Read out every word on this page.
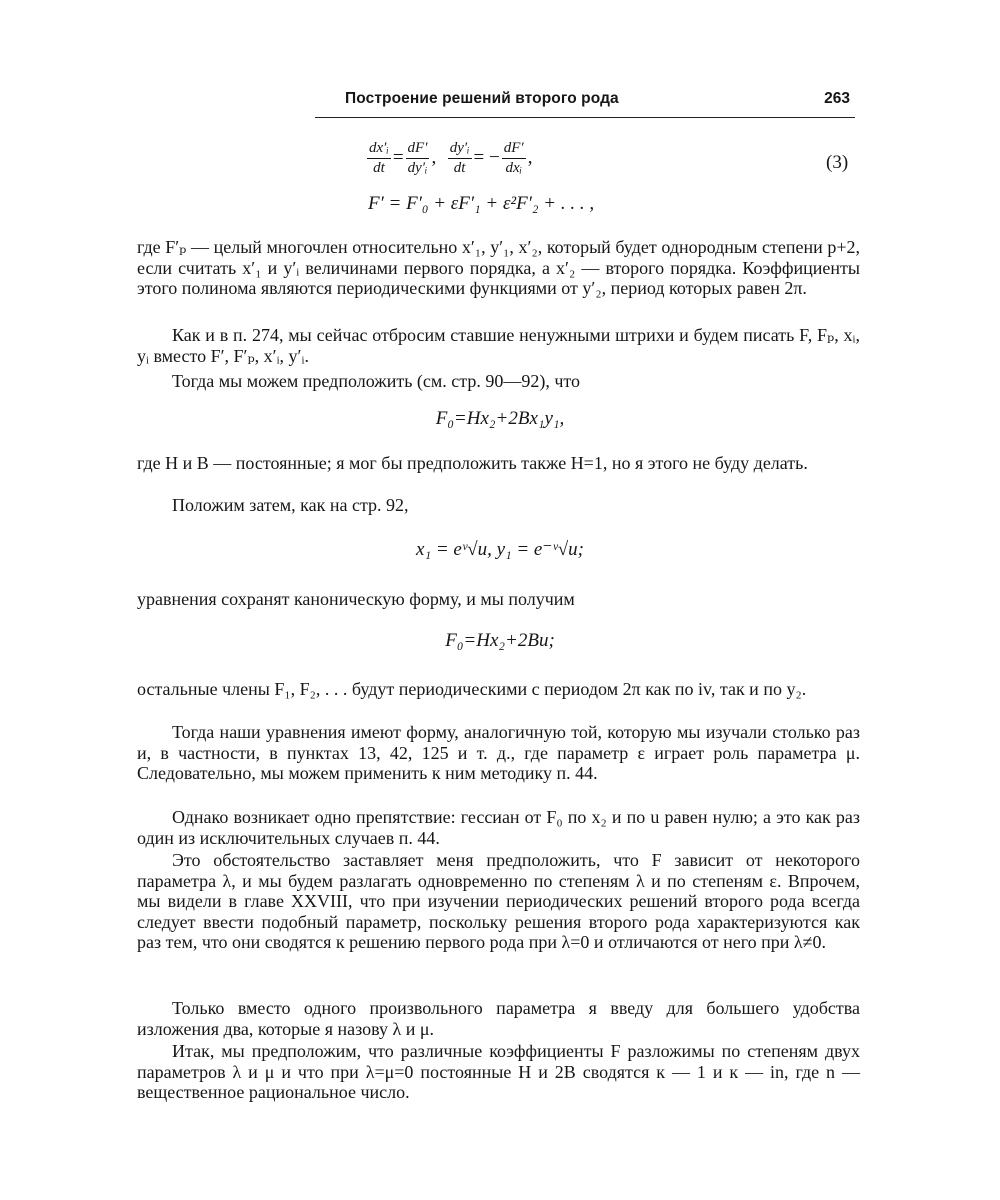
Построение решений второго рода	263
$\frac{\text{dx′ᵢ}}{dt} = \frac{dF'}{\text{dy′ᵢ}}$ , $\frac{\text{dy′ᵢ}}{dt}$ = − $\frac{dF'}{\text{dxᵢ}}$ ,	(3)
F′ = F′₀ + εF′₁ + ε²F′₂ + . . . ,

где F′ₚ — целый многочлен относительно x′₁, y′₁, x′₂, который будет однородным степени p+2, если считать x′₁ и y′ᵢ величинами первого порядка, а x′₂ — второго порядка. Коэффициенты этого полинома являются периодическими функциями от y′₂, период которых равен 2π.

Как и в п. 274, мы сейчас отбросим ставшие ненужными штрихи и будем писать F, Fₚ, xᵢ, yᵢ вместо F′, F′ₚ, x′ᵢ, y′ᵢ.

Тогда мы можем предположить (см. стр. 90—92), что

F₀=Hx₂+2Bx₁y₁,

где H и B — постоянные; я мог бы предположить также H=1, но я этого не буду делать.

Положим затем, как на стр. 92,

x₁ = eᵛ√u, y₁ = e⁻ᵛ√u;

уравнения сохранят каноническую форму, и мы получим

F₀=Hx₂+2Bu;

остальные члены F₁, F₂, . . . будут периодическими с периодом 2π как по iv, так и по y₂.

Тогда наши уравнения имеют форму, аналогичную той, которую мы изучали столько раз и, в частности, в пунктах 13, 42, 125 и т. д., где параметр ε играет роль параметра μ. Следовательно, мы можем применить к ним методику п. 44.

Однако возникает одно препятствие: гессиан от F₀ по x₂ и по u равен нулю; а это как раз один из исключительных случаев п. 44.

Это обстоятельство заставляет меня предположить, что F зависит от некоторого параметра λ, и мы будем разлагать одновременно по степеням λ и по степеням ε. Впрочем, мы видели в главе XXVIII, что при изучении периодических решений второго рода всегда следует ввести подобный параметр, поскольку решения второго рода характеризуются как раз тем, что они сводятся к решению первого рода при λ=0 и отличаются от него при λ≠0.

Только вместо одного произвольного параметра я введу для большего удобства изложения два, которые я назову λ и μ.

Итак, мы предположим, что различные коэффициенты F разложимы по степеням двух параметров λ и μ и что при λ=μ=0 постоянные H и 2B сводятся к — 1 и к — in, где n — вещественное рациональное число.
